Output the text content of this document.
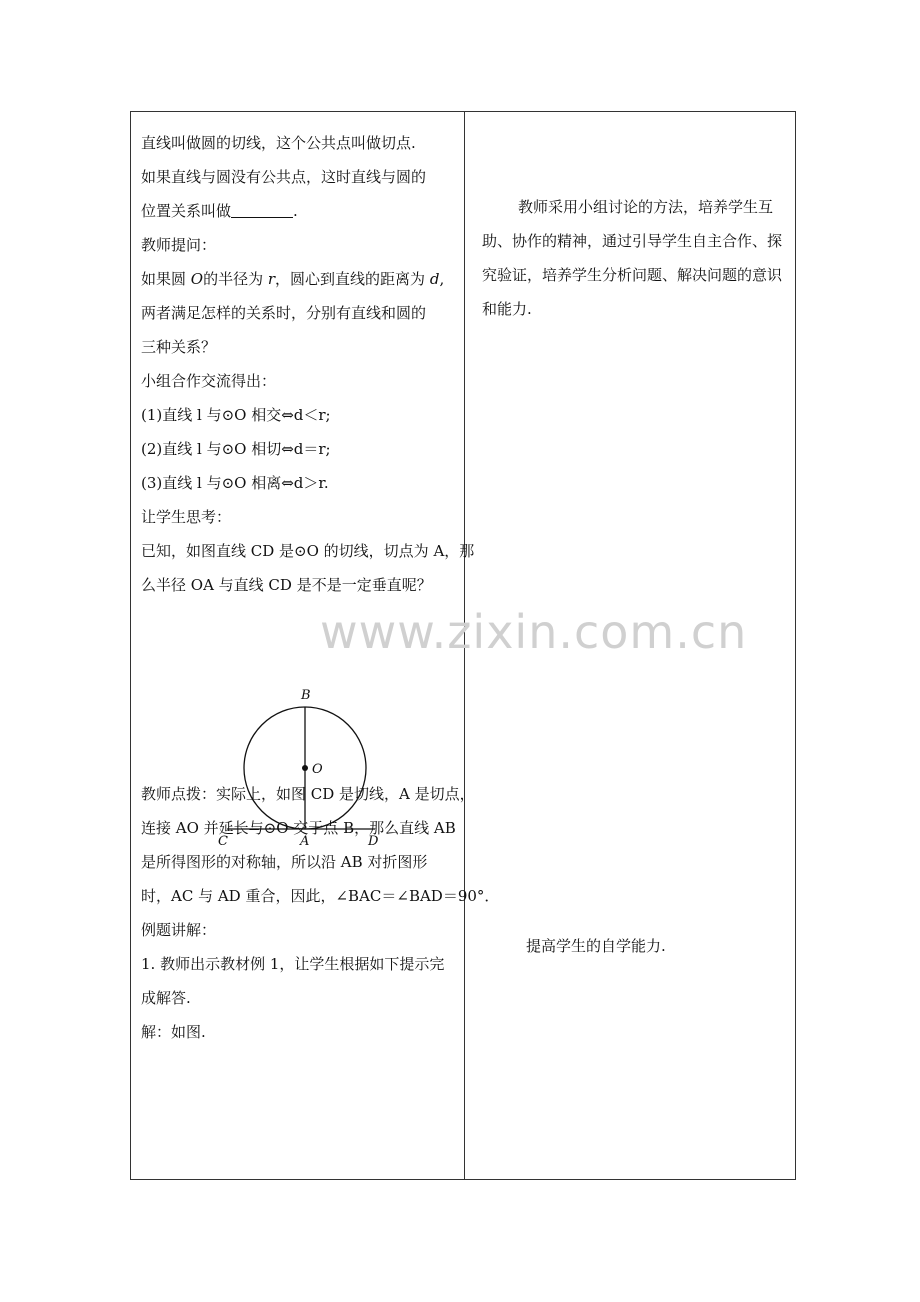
直线叫做圆的切线，这个公共点叫做切点.
如果直线与圆没有公共点，这时直线与圆的
位置关系叫做	.
教师提问：
如果圆 O的半径为 r，圆心到直线的距离为 d,
两者满足怎样的关系时，分别有直线和圆的
三种关系？
小组合作交流得出：
(1)直线 l 与⊙O 相交⇔d＜r;
(2)直线 l 与⊙O 相切⇔d＝r;
(3)直线 l 与⊙O 相离⇔d＞r.
让学生思考：
已知，如图直线 CD 是⊙O 的切线，切点为 A，那
么半径 OA 与直线 CD 是不是一定垂直呢？
教师点拨：实际上，如图 CD 是切线，A 是切点，
连接 AO 并延长与⊙O 交于点 B，那么直线 AB
是所得图形的对称轴，所以沿 AB 对折图形
时，AC 与 AD 重合，因此，∠BAC＝∠BAD＝90°．
例题讲解：
1. 教师出示教材例 1，让学生根据如下提示完
成解答.
解：如图.
B
O
C	A	D
教师采用小组讨论的方法，培养学生互
助、协作的精神，通过引导学生自主合作、探
究验证，培养学生分析问题、解决问题的意识
和能力.
提高学生的自学能力.
www.zixin.com.cn
